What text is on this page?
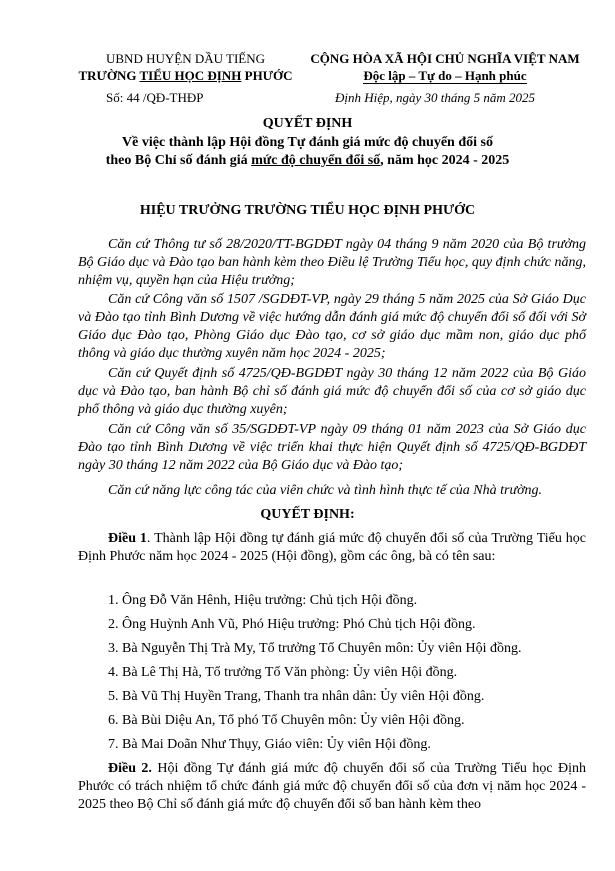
UBND HUYỆN DẦU TIẾNG
TRƯỜNG TIỂU HỌC ĐỊNH PHƯỚC
CỘNG HÒA XÃ HỘI CHỦ NGHĨA VIỆT NAM
Độc lập – Tự do – Hạnh phúc
Số: 44 /QĐ-THĐP	Định Hiệp, ngày 30 tháng 5 năm 2025
QUYẾT ĐỊNH
Về việc thành lập Hội đồng Tự đánh giá mức độ chuyển đổi số
theo Bộ Chỉ số đánh giá mức độ chuyển đổi số, năm học 2024 - 2025
HIỆU TRƯỞNG TRƯỜNG TIỂU HỌC ĐỊNH PHƯỚC
Căn cứ Thông tư số 28/2020/TT-BGDĐT ngày 04 tháng 9 năm 2020 của Bộ trưởng Bộ Giáo dục và Đào tạo ban hành kèm theo Điều lệ Trường Tiểu học, quy định chức năng, nhiệm vụ, quyền hạn của Hiệu trưởng;
Căn cứ Công văn số 1507 /SGDĐT-VP, ngày 29 tháng 5 năm 2025 của Sở Giáo Dục và Đào tạo tỉnh Bình Dương về việc hướng dẫn đánh giá mức độ chuyển đổi số đối với Sở Giáo dục Đào tạo, Phòng Giáo dục Đào tạo, cơ sở giáo dục mầm non, giáo dục phổ thông và giáo dục thường xuyên năm học 2024 - 2025;
Căn cứ Quyết định số 4725/QĐ-BGDĐT ngày 30 tháng 12 năm 2022 của Bộ Giáo dục và Đào tạo, ban hành Bộ chỉ số đánh giá mức độ chuyển đổi số của cơ sở giáo dục phổ thông và giáo dục thường xuyên;
Căn cứ Công văn số 35/SGDĐT-VP ngày 09 tháng 01 năm 2023 của Sở Giáo dục Đào tạo tỉnh Bình Dương về việc triển khai thực hiện Quyết định số 4725/QĐ-BGDĐT ngày 30 tháng 12 năm 2022 của Bộ Giáo dục và Đào tạo;
Căn cứ năng lực công tác của viên chức và tình hình thực tế của Nhà trường.
QUYẾT ĐỊNH:
Điều 1. Thành lập Hội đồng tự đánh giá mức độ chuyển đổi số của Trường Tiểu học Định Phước năm học 2024 - 2025 (Hội đồng), gồm các ông, bà có tên sau:
1. Ông Đỗ Văn Hênh, Hiệu trưởng: Chủ tịch Hội đồng.
2. Ông Huỳnh Anh Vũ, Phó Hiệu trưởng: Phó Chủ tịch Hội đồng.
3. Bà Nguyễn Thị Trà My, Tổ trưởng Tổ Chuyên môn: Ủy viên Hội đồng.
4. Bà Lê Thị Hà, Tổ trưởng Tổ Văn phòng: Ủy viên Hội đồng.
5. Bà Vũ Thị Huyền Trang, Thanh tra nhân dân: Ủy viên Hội đồng.
6. Bà Bùi Diệu An, Tổ phó Tổ Chuyên môn: Ủy viên Hội đồng.
7. Bà Mai Doãn Như Thụy, Giáo viên: Ủy viên Hội đồng.
Điều 2. Hội đồng Tự đánh giá mức độ chuyển đổi số của Trường Tiểu học Định Phước có trách nhiệm tổ chức đánh giá mức độ chuyển đổi số của đơn vị năm học 2024 - 2025 theo Bộ Chỉ số đánh giá mức độ chuyển đổi số ban hành kèm theo
